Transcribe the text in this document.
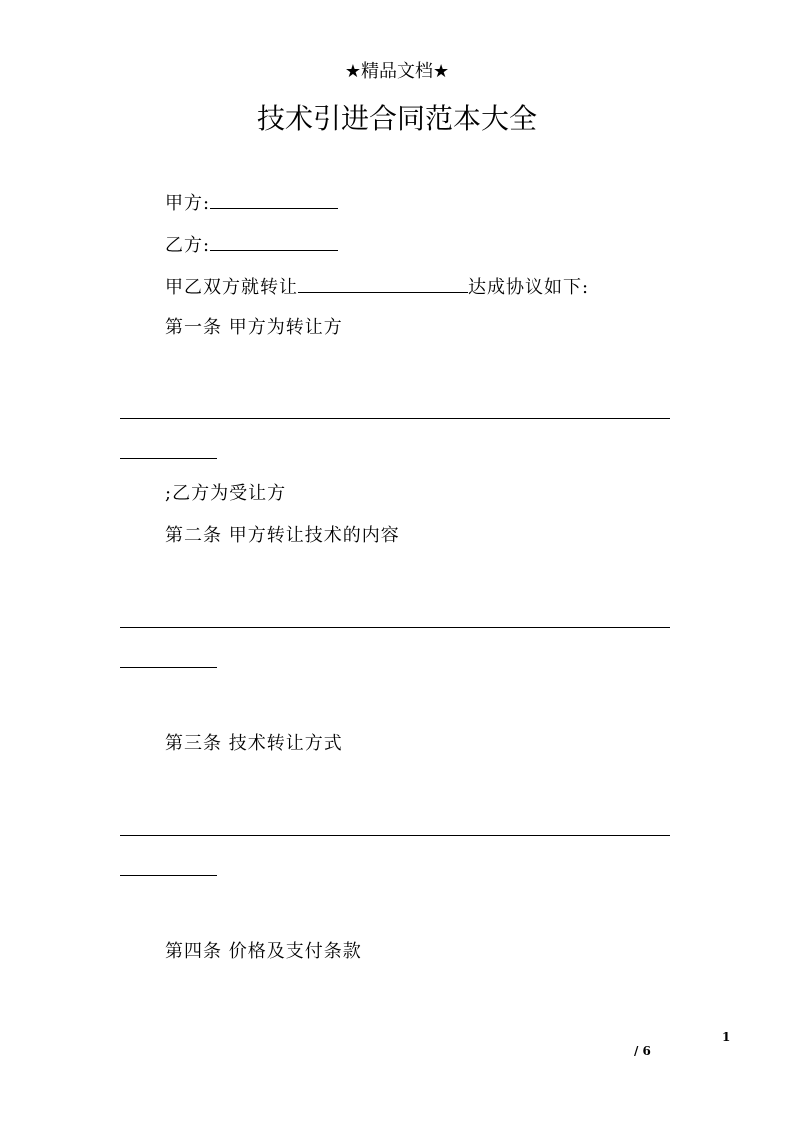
★精品文档★
技术引进合同范本大全
甲方:
乙方:
甲乙双方就转让	达成协议如下:
第一条 甲方为转让方
;乙方为受让方
第二条 甲方转让技术的内容
第三条 技术转让方式
第四条 价格及支付条款
1
/ 6
